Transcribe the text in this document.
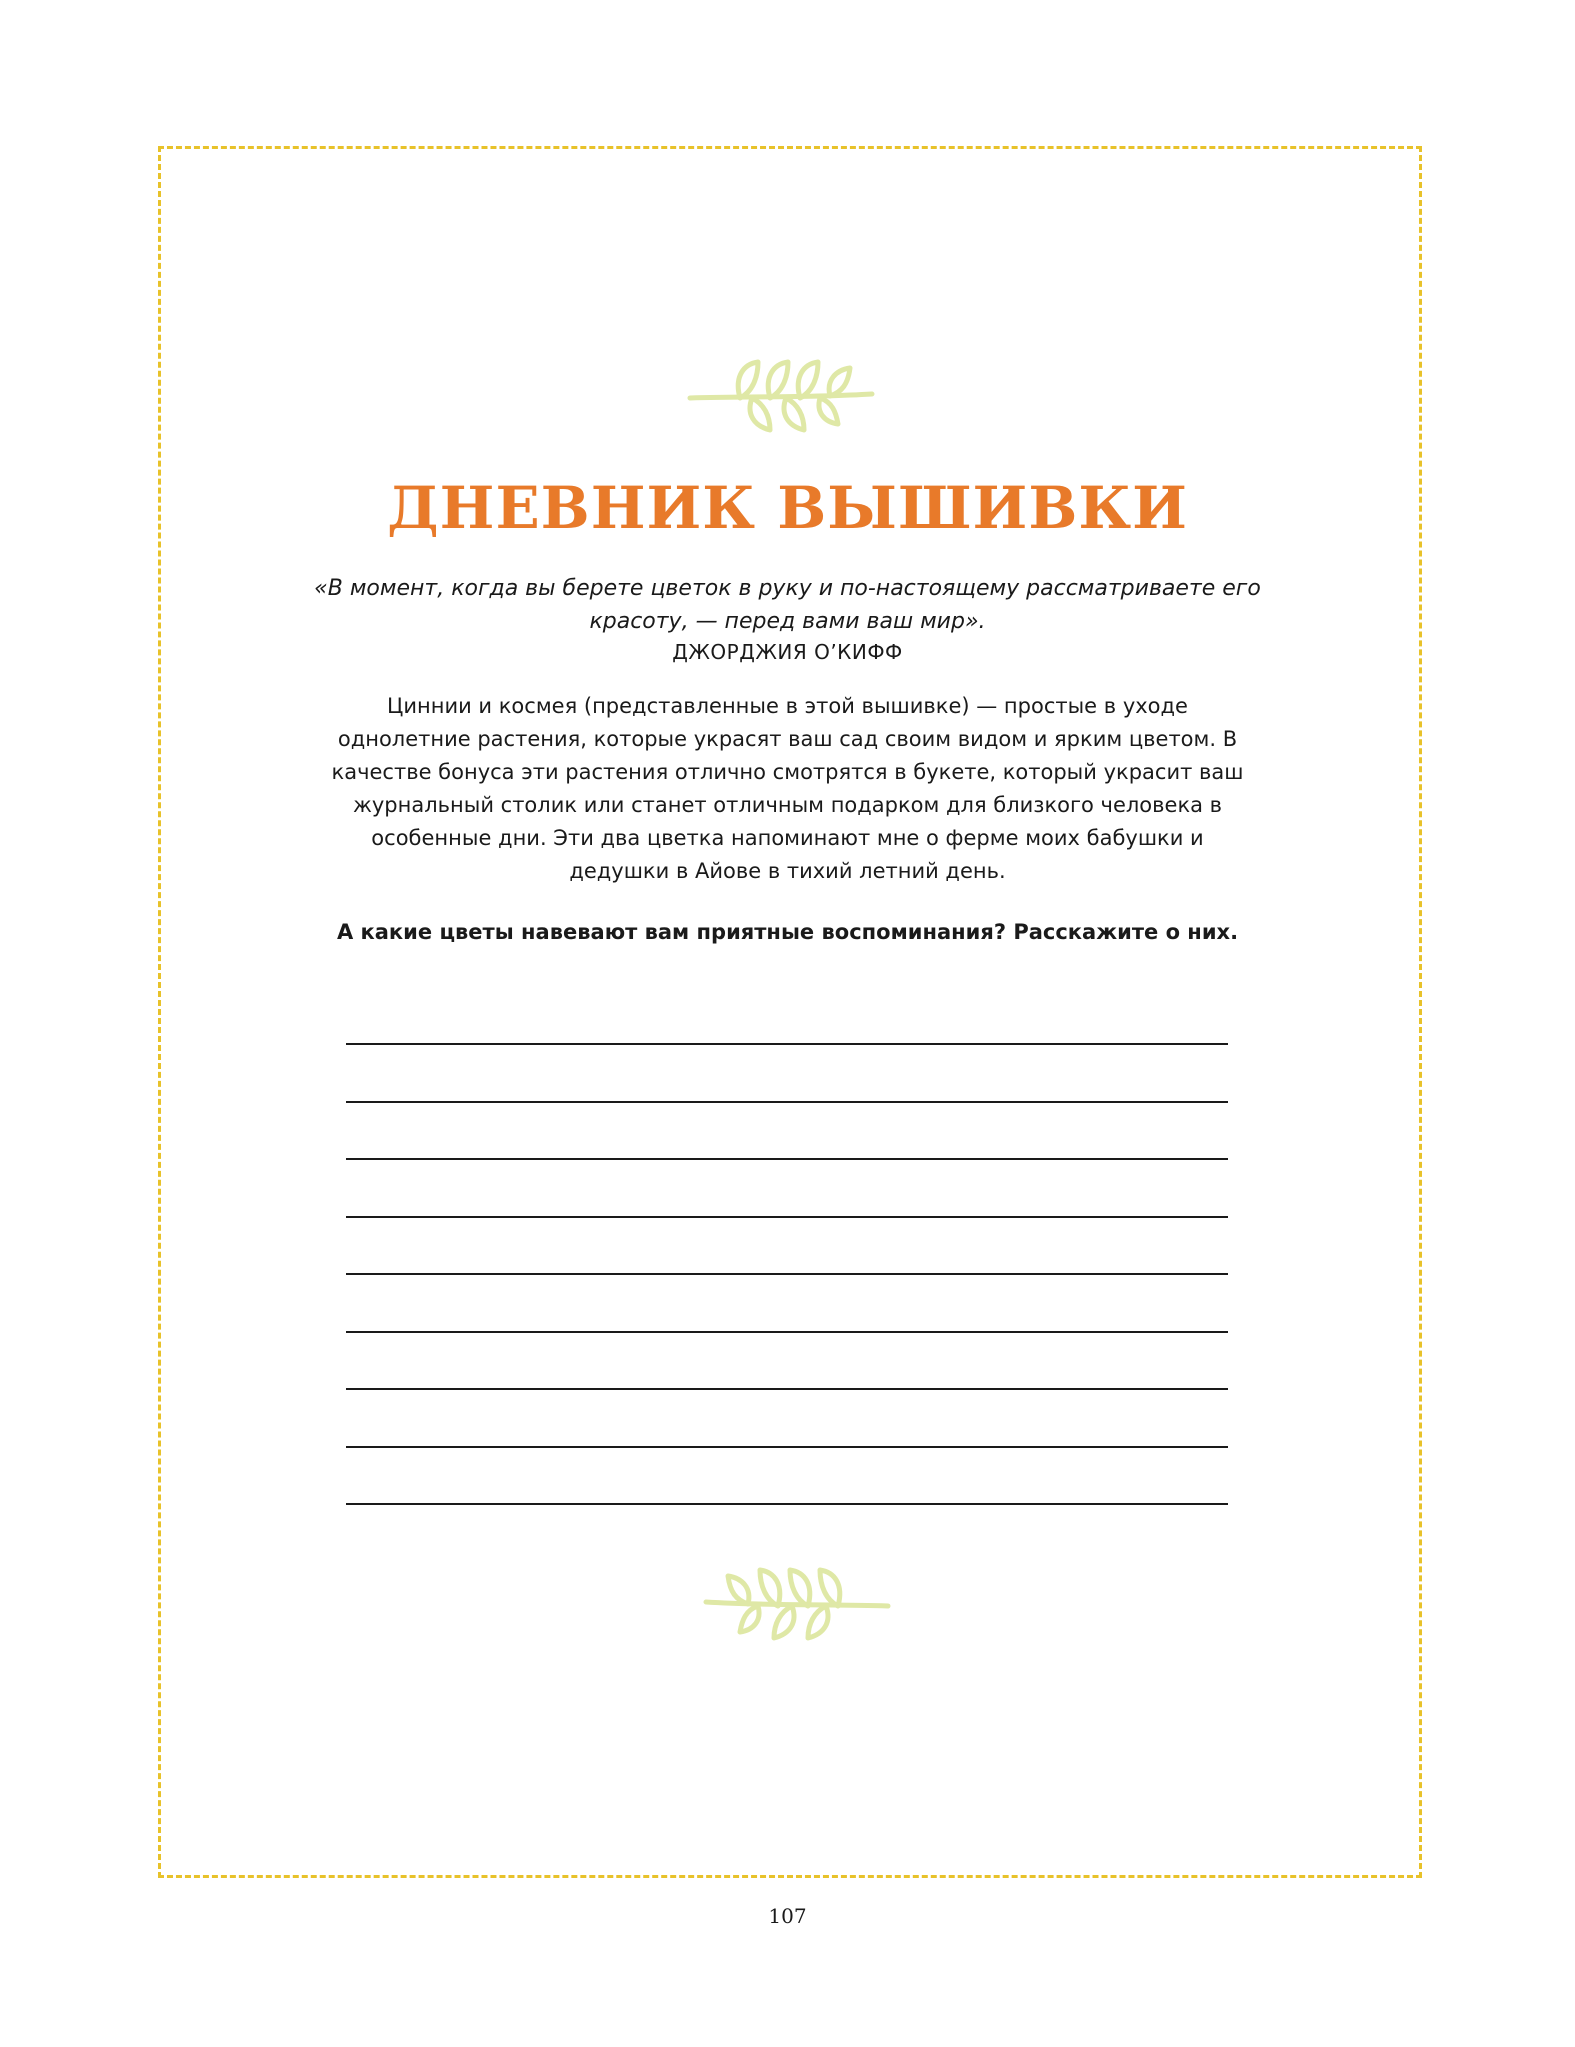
ДНЕВНИК ВЫШИВКИ

«В момент, когда вы берете цветок в руку и по-настоящему рассматриваете его красоту, — перед вами ваш мир».

ДЖОРДЖИЯ О’КИФФ

Циннии и космея (представленные в этой вышивке) — простые в уходе однолетние растения, которые украсят ваш сад своим видом и ярким цветом. В качестве бонуса эти растения отлично смотрятся в букете, который украсит ваш журнальный столик или станет отличным подарком для близкого человека в особенные дни. Эти два цветка напоминают мне о ферме моих бабушки и дедушки в Айове в тихий летний день.

А какие цветы навевают вам приятные воспоминания? Расскажите о них.
107
